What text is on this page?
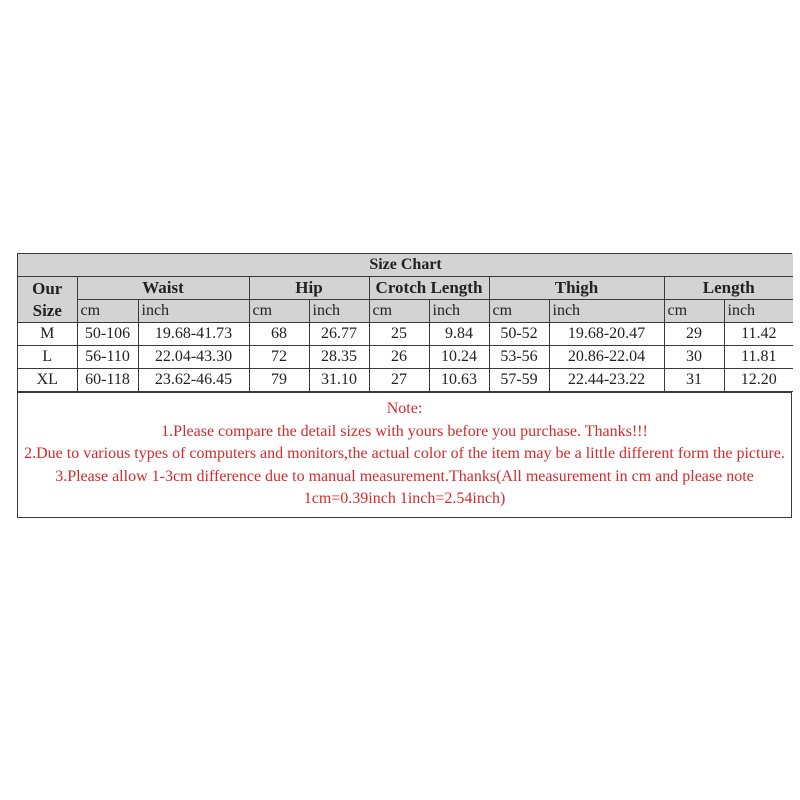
Size Chart										

Our
Size	Waist		Hip		Crotch Length		Thigh		Length	
	cm	inch	cm	inch	cm	inch	cm	inch	cm	inch
M	50-106	19.68-41.73	68	26.77	25	9.84	50-52	19.68-20.47	29	11.42
L	56-110	22.04-43.30	72	28.35	26	10.24	53-56	20.86-22.04	30	11.81
XL	60-118	23.62-46.45	79	31.10	27	10.63	57-59	22.44-23.22	31	12.20
Note:
1.Please compare the detail sizes with yours before you purchase. Thanks!!!
2.Due to various types of computers and monitors,the actual color of the item may be a little different form the picture.
3.Please allow 1-3cm difference due to manual measurement.Thanks(All measurement in cm and please note 1cm=0.39inch 1inch=2.54inch)
